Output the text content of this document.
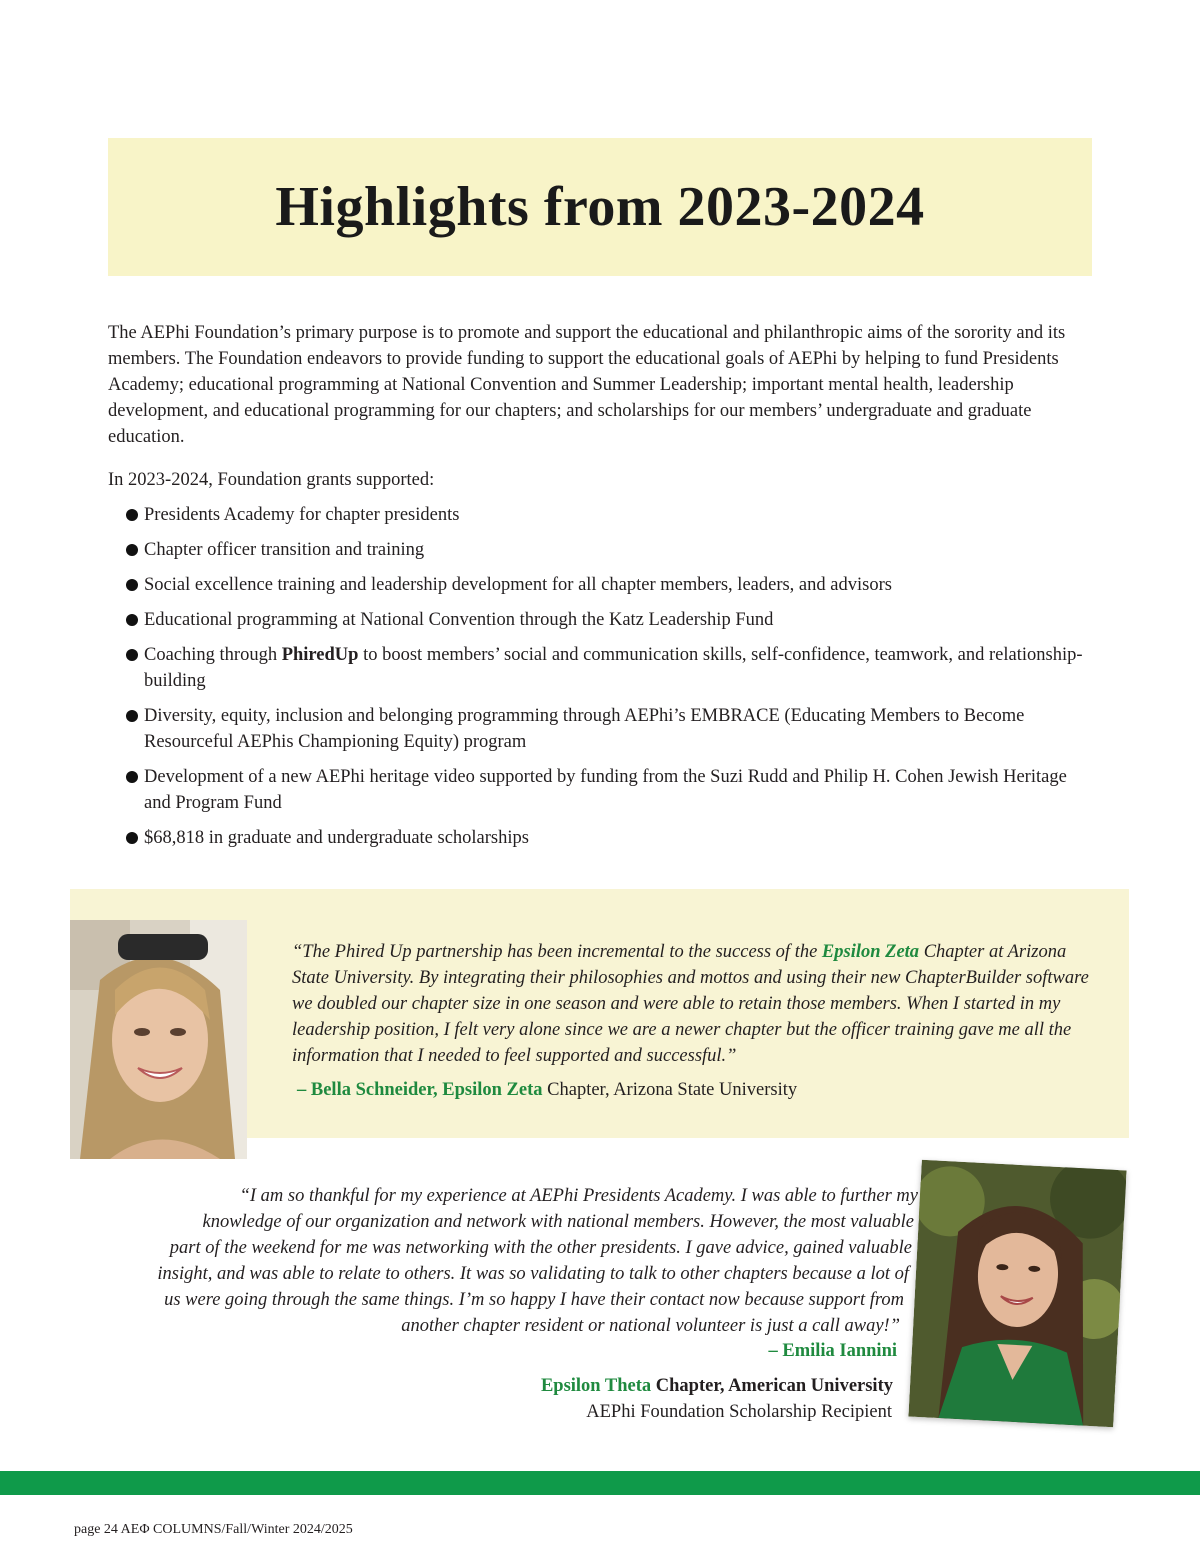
Highlights from 2023-2024

The AEPhi Foundation’s primary purpose is to promote and support the educational and philanthropic aims of the sorority and its members. The Foundation endeavors to provide funding to support the educational goals of AEPhi by helping to fund Presidents Academy; educational programming at National Convention and Summer Leadership; important mental health, leadership development, and educational programming for our chapters; and scholarships for our members’ undergraduate and graduate education.

In 2023-2024, Foundation grants supported:

Presidents Academy for chapter presidents
Chapter officer transition and training
Social excellence training and leadership development for all chapter members, leaders, and advisors
Educational programming at National Convention through the Katz Leadership Fund
Coaching through PhiredUp to boost members’ social and communication skills, self-confidence, teamwork, and relationship-building
Diversity, equity, inclusion and belonging programming through AEPhi’s EMBRACE (Educating Members to Become Resourceful AEPhis Championing Equity) program
Development of a new AEPhi heritage video supported by funding from the Suzi Rudd and Philip H. Cohen Jewish Heritage and Program Fund
$68,818 in graduate and undergraduate scholarships

“The Phired Up partnership has been incremental to the success of the Epsilon Zeta Chapter at Arizona State University. By integrating their philosophies and mottos and using their new ChapterBuilder software we doubled our chapter size in one season and were able to retain those members. When I started in my leadership position, I felt very alone since we are a newer chapter but the officer training gave me all the information that I needed to feel supported and successful.”

– Bella Schneider, Epsilon Zeta Chapter, Arizona State University

“I am so thankful for my experience at AEPhi Presidents Academy. I was able to further my
knowledge of our organization and network with national members. However, the most valuable
part of the weekend for me was networking with the other presidents. I gave advice, gained valuable
insight, and was able to relate to others. It was so validating to talk to other chapters because a lot of
us were going through the same things. I’m so happy I have their contact now because support from
another chapter resident or national volunteer is just a call away!”

– Emilia Iannini

Epsilon Theta Chapter, American University

AEPhi Foundation Scholarship Recipient

page 24 AEΦ COLUMNS/Fall/Winter 2024/2025
